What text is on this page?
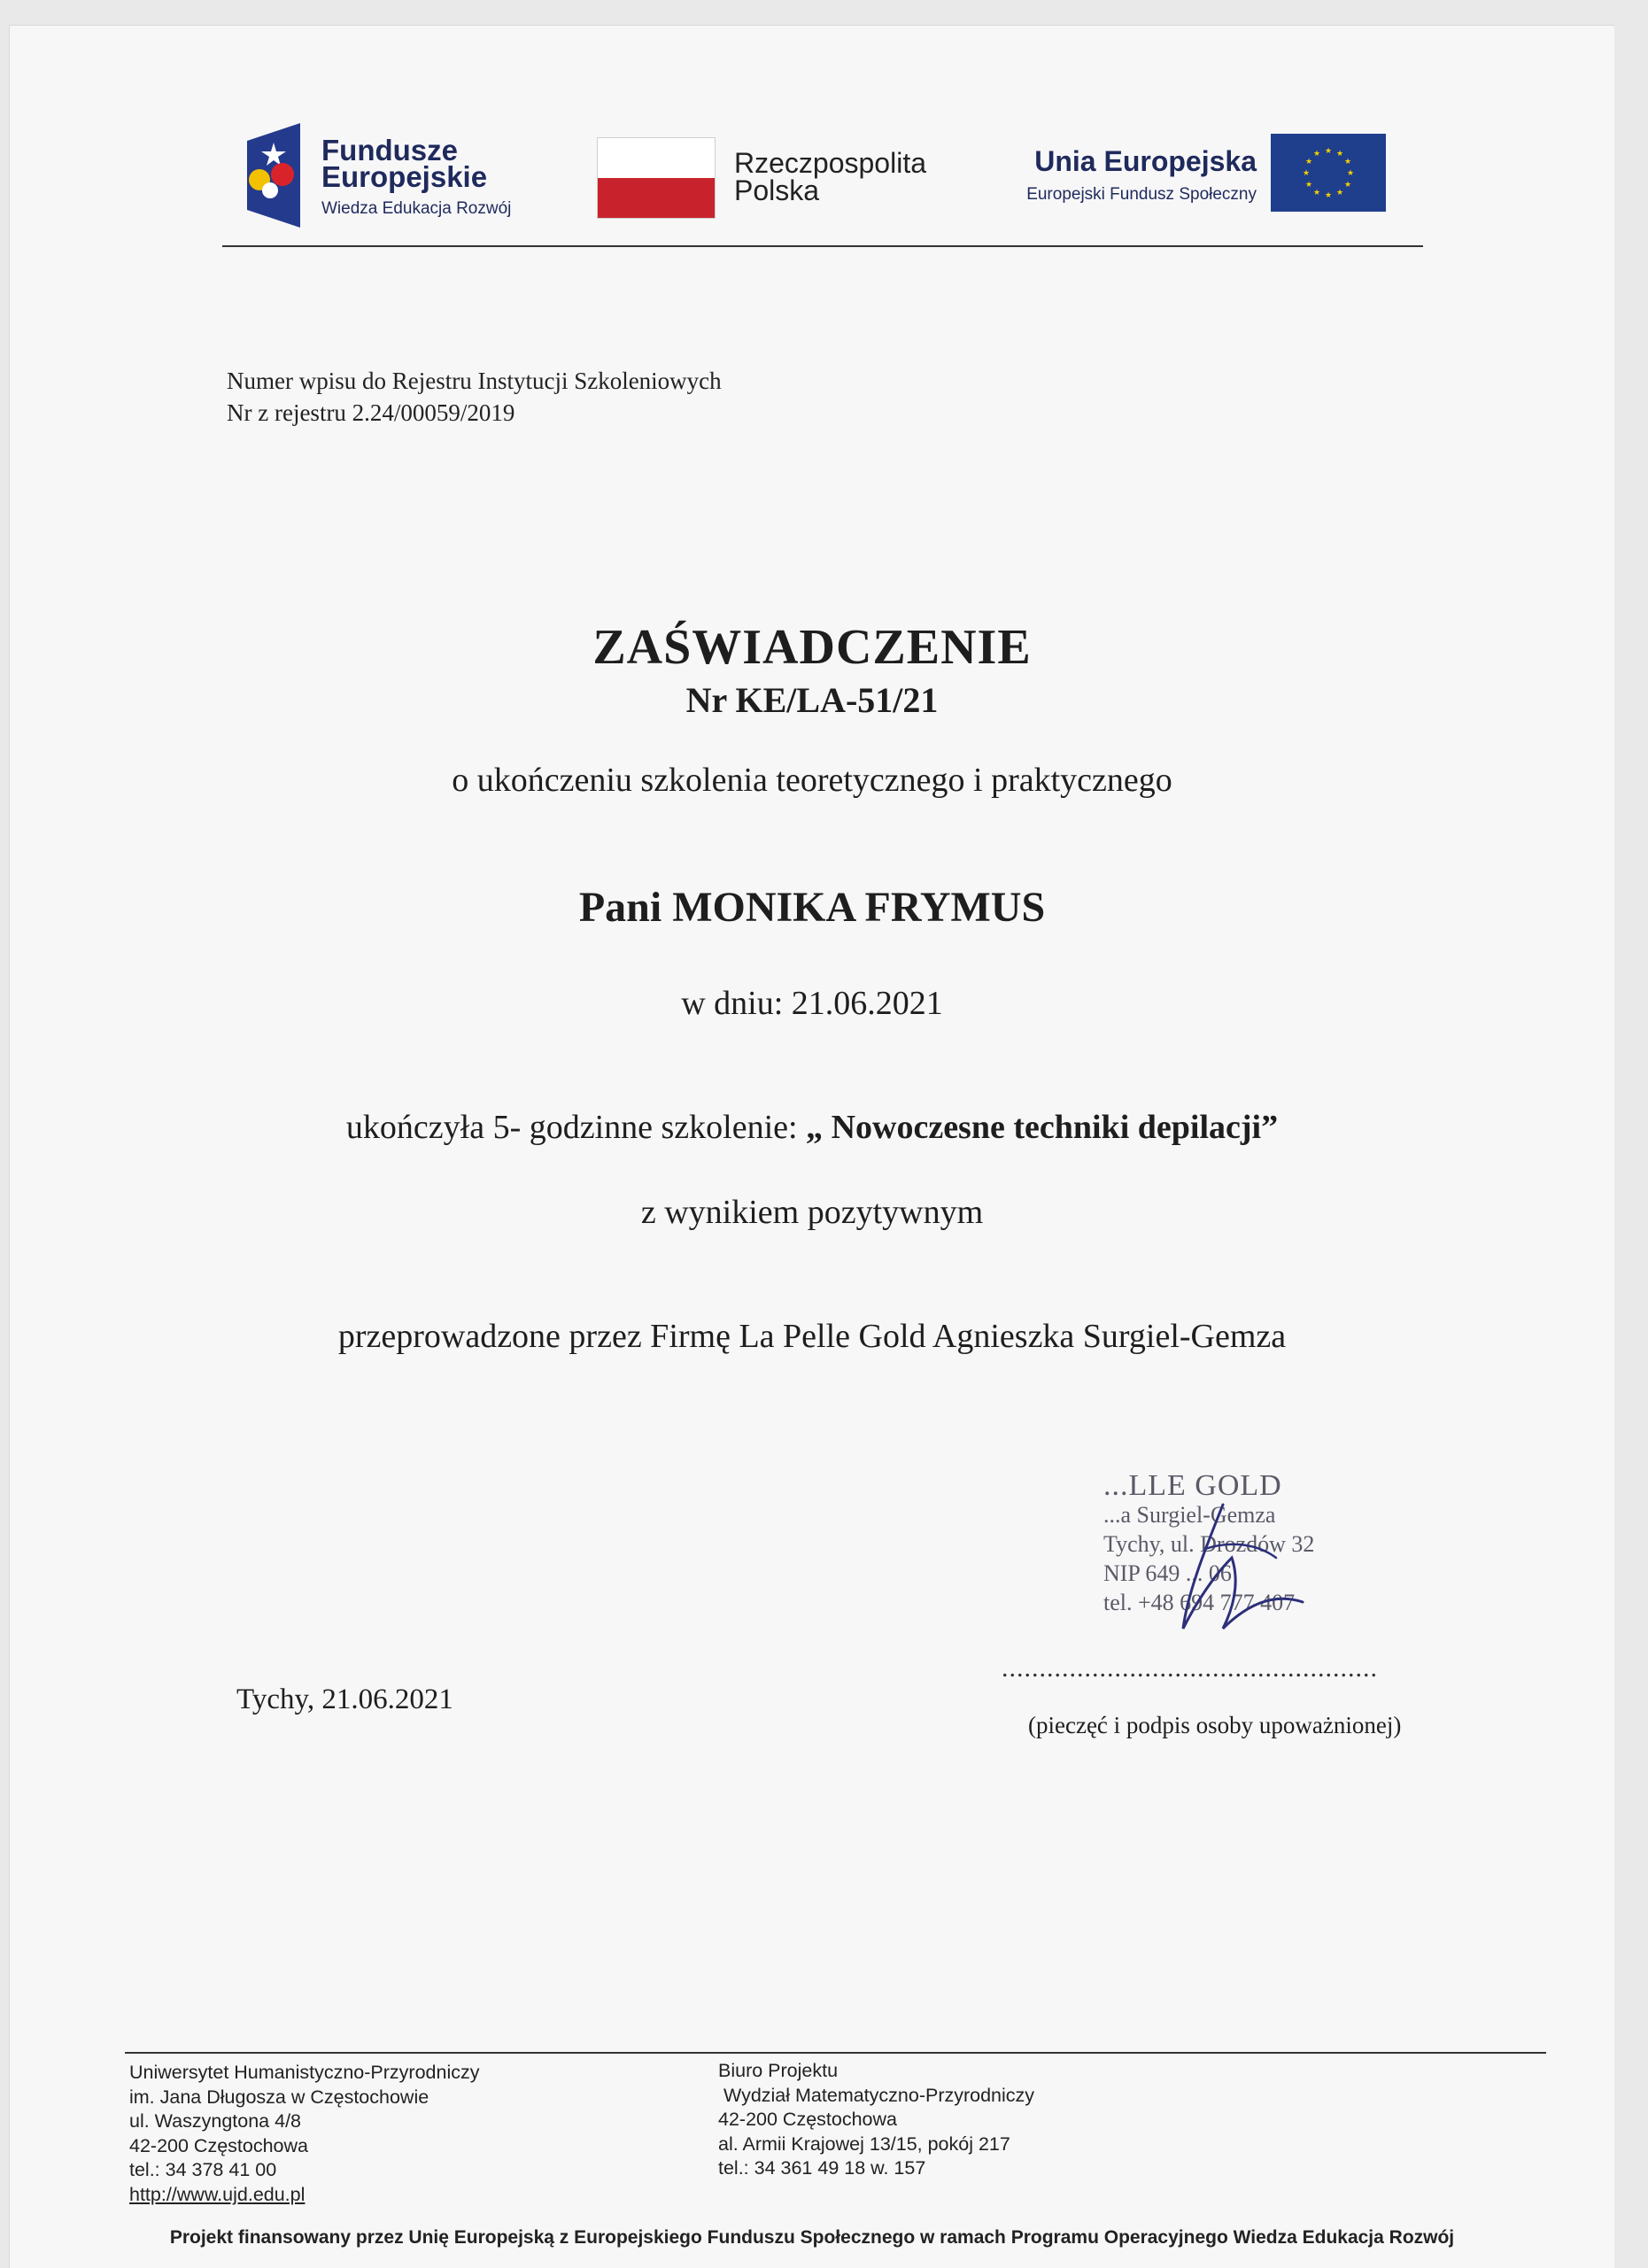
Fundusze
Europejskie
Wiedza Edukacja Rozwój
Rzeczpospolita
Polska
Unia Europejska
Europejski Fundusz Społeczny
★ ★
★
★
★
★
★
★
★
★
★
★
Numer wpisu do Rejestru Instytucji Szkoleniowych
Nr z rejestru 2.24/00059/2019
ZAŚWIADCZENIE
Nr KE/LA-51/21
o ukończeniu szkolenia teoretycznego i praktycznego
Pani MONIKA FRYMUS
w dniu: 21.06.2021
ukończyła 5- godzinne szkolenie: „ Nowoczesne techniki depilacji”
z wynikiem pozytywnym
przeprowadzone przez Firmę La Pelle Gold Agnieszka Surgiel-Gemza
...LLE GOLD
...a Surgiel-Gemza
Tychy, ul. Drozdów 32
NIP 649 ... 06
tel. +48 694 777 407
Tychy, 21.06.2021
..................................................
(pieczęć i podpis osoby upoważnionej)
Uniwersytet Humanistyczno-Przyrodniczy
im. Jana Długosza w Częstochowie
ul. Waszyngtona 4/8
42-200 Częstochowa
tel.: 34 378 41 00
http://www.ujd.edu.pl
Biuro Projektu
Wydział Matematyczno-Przyrodniczy
42-200 Częstochowa
al. Armii Krajowej 13/15, pokój 217
tel.: 34 361 49 18 w. 157
Projekt finansowany przez Unię Europejską z Europejskiego Funduszu Społecznego w ramach Programu Operacyjnego Wiedza Edukacja Rozwój
